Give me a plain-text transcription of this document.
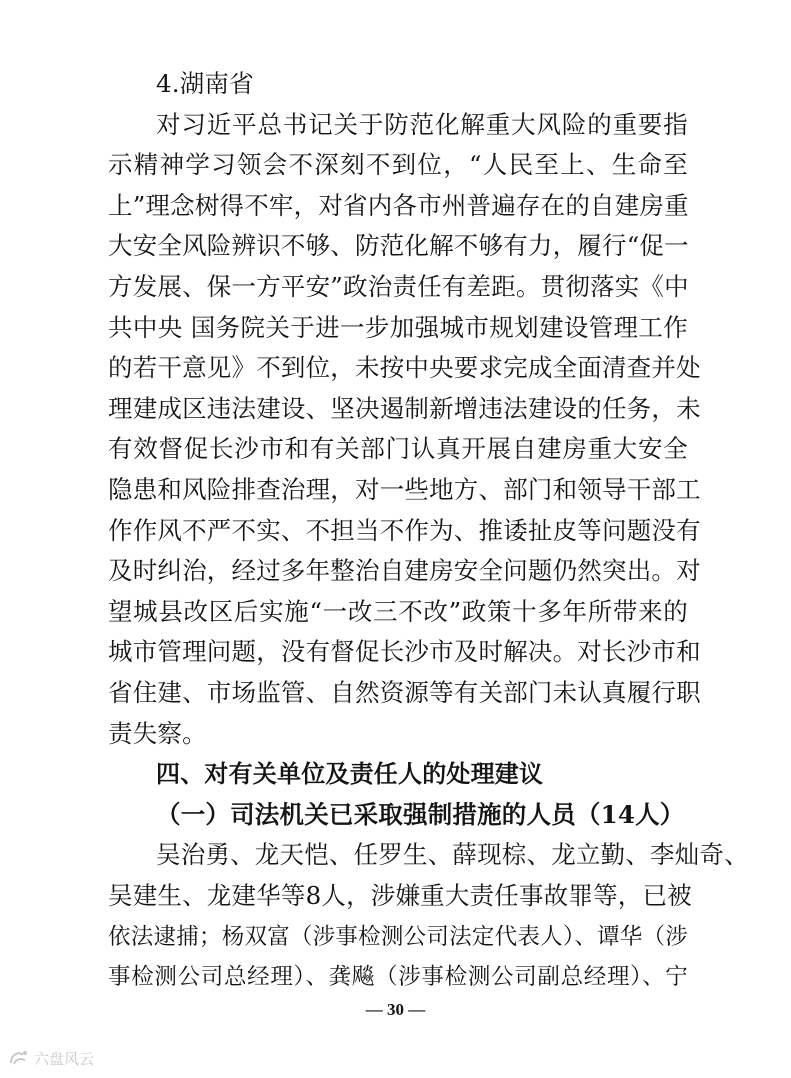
4.湖南省
对习近平总书记关于防范化解重大风险的重要指
示精神学习领会不深刻不到位，“人民至上、生命至
上”理念树得不牢，对省内各市州普遍存在的自建房重
大安全风险辨识不够、防范化解不够有力，履行“促一
方发展、保一方平安”政治责任有差距。贯彻落实《中
共中央 国务院关于进一步加强城市规划建设管理工作
的若干意见》不到位，未按中央要求完成全面清查并处
理建成区违法建设、坚决遏制新增违法建设的任务，未
有效督促长沙市和有关部门认真开展自建房重大安全
隐患和风险排查治理，对一些地方、部门和领导干部工
作作风不严不实、不担当不作为、推诿扯皮等问题没有
及时纠治，经过多年整治自建房安全问题仍然突出。对
望城县改区后实施“一改三不改”政策十多年所带来的
城市管理问题，没有督促长沙市及时解决。对长沙市和
省住建、市场监管、自然资源等有关部门未认真履行职
责失察。
四、对有关单位及责任人的处理建议
（一）司法机关已采取强制措施的人员（14人）
吴治勇、龙天恺、任罗生、薛现棕、龙立勤、李灿奇、
吴建生、龙建华等8人，涉嫌重大责任事故罪等，已被
依法逮捕；杨双富（涉事检测公司法定代表人）、谭华（涉
事检测公司总经理）、龚飚（涉事检测公司副总经理）、宁
— 30 —
六盘风云
